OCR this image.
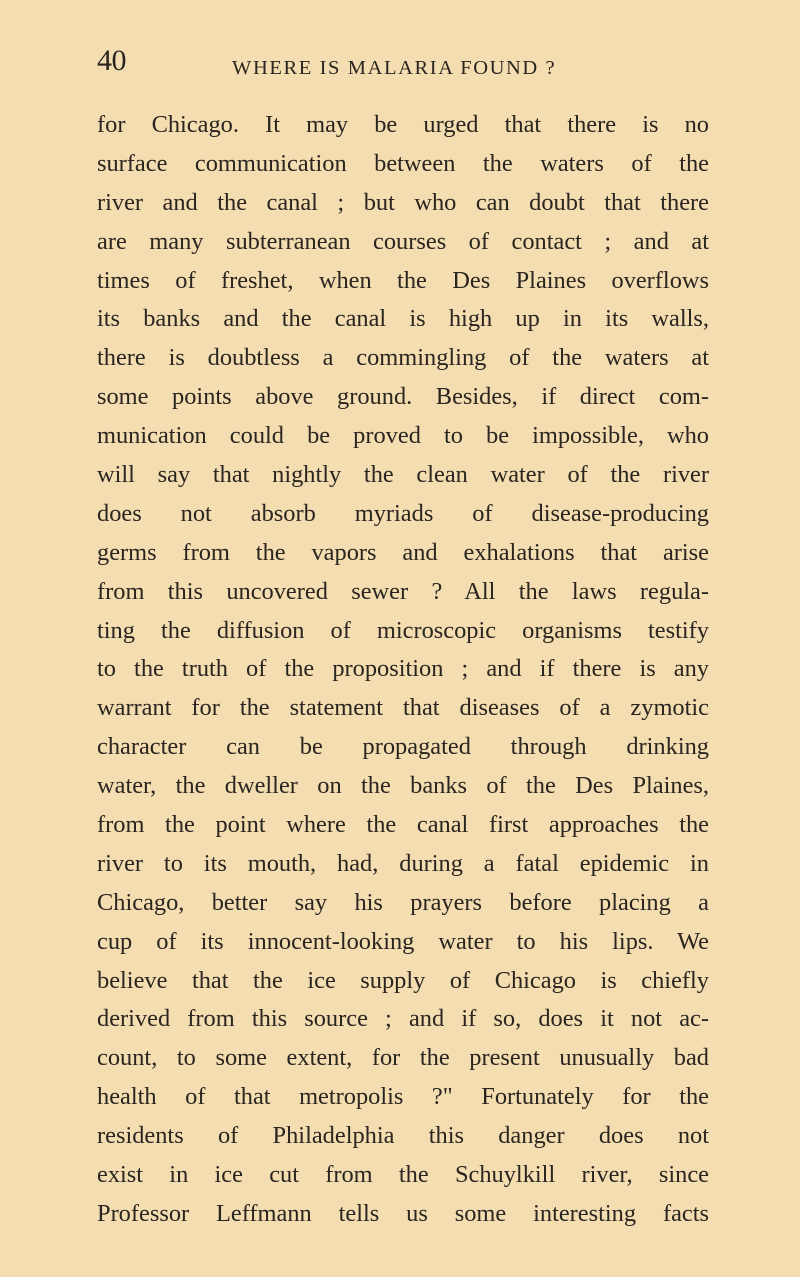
40	WHERE IS MALARIA FOUND ?
for Chicago. It may be urged that there is no
surface communication between the waters of the
river and the canal ; but who can doubt that there
are many subterranean courses of contact ; and at
times of freshet, when the Des Plaines overflows
its banks and the canal is high up in its walls,
there is doubtless a commingling of the waters at
some points above ground. Besides, if direct com-
munication could be proved to be impossible, who
will say that nightly the clean water of the river
does not absorb myriads of disease-producing
germs from the vapors and exhalations that arise
from this uncovered sewer ? All the laws regula-
ting the diffusion of microscopic organisms testify
to the truth of the proposition ; and if there is any
warrant for the statement that diseases of a zymotic
character can be propagated through drinking
water, the dweller on the banks of the Des Plaines,
from the point where the canal first approaches the
river to its mouth, had, during a fatal epidemic in
Chicago, better say his prayers before placing a
cup of its innocent-looking water to his lips. We
believe that the ice supply of Chicago is chiefly
derived from this source ; and if so, does it not ac-
count, to some extent, for the present unusually bad
health of that metropolis ?" Fortunately for the
residents of Philadelphia this danger does not
exist in ice cut from the Schuylkill river, since
Professor Leffmann tells us some interesting facts
